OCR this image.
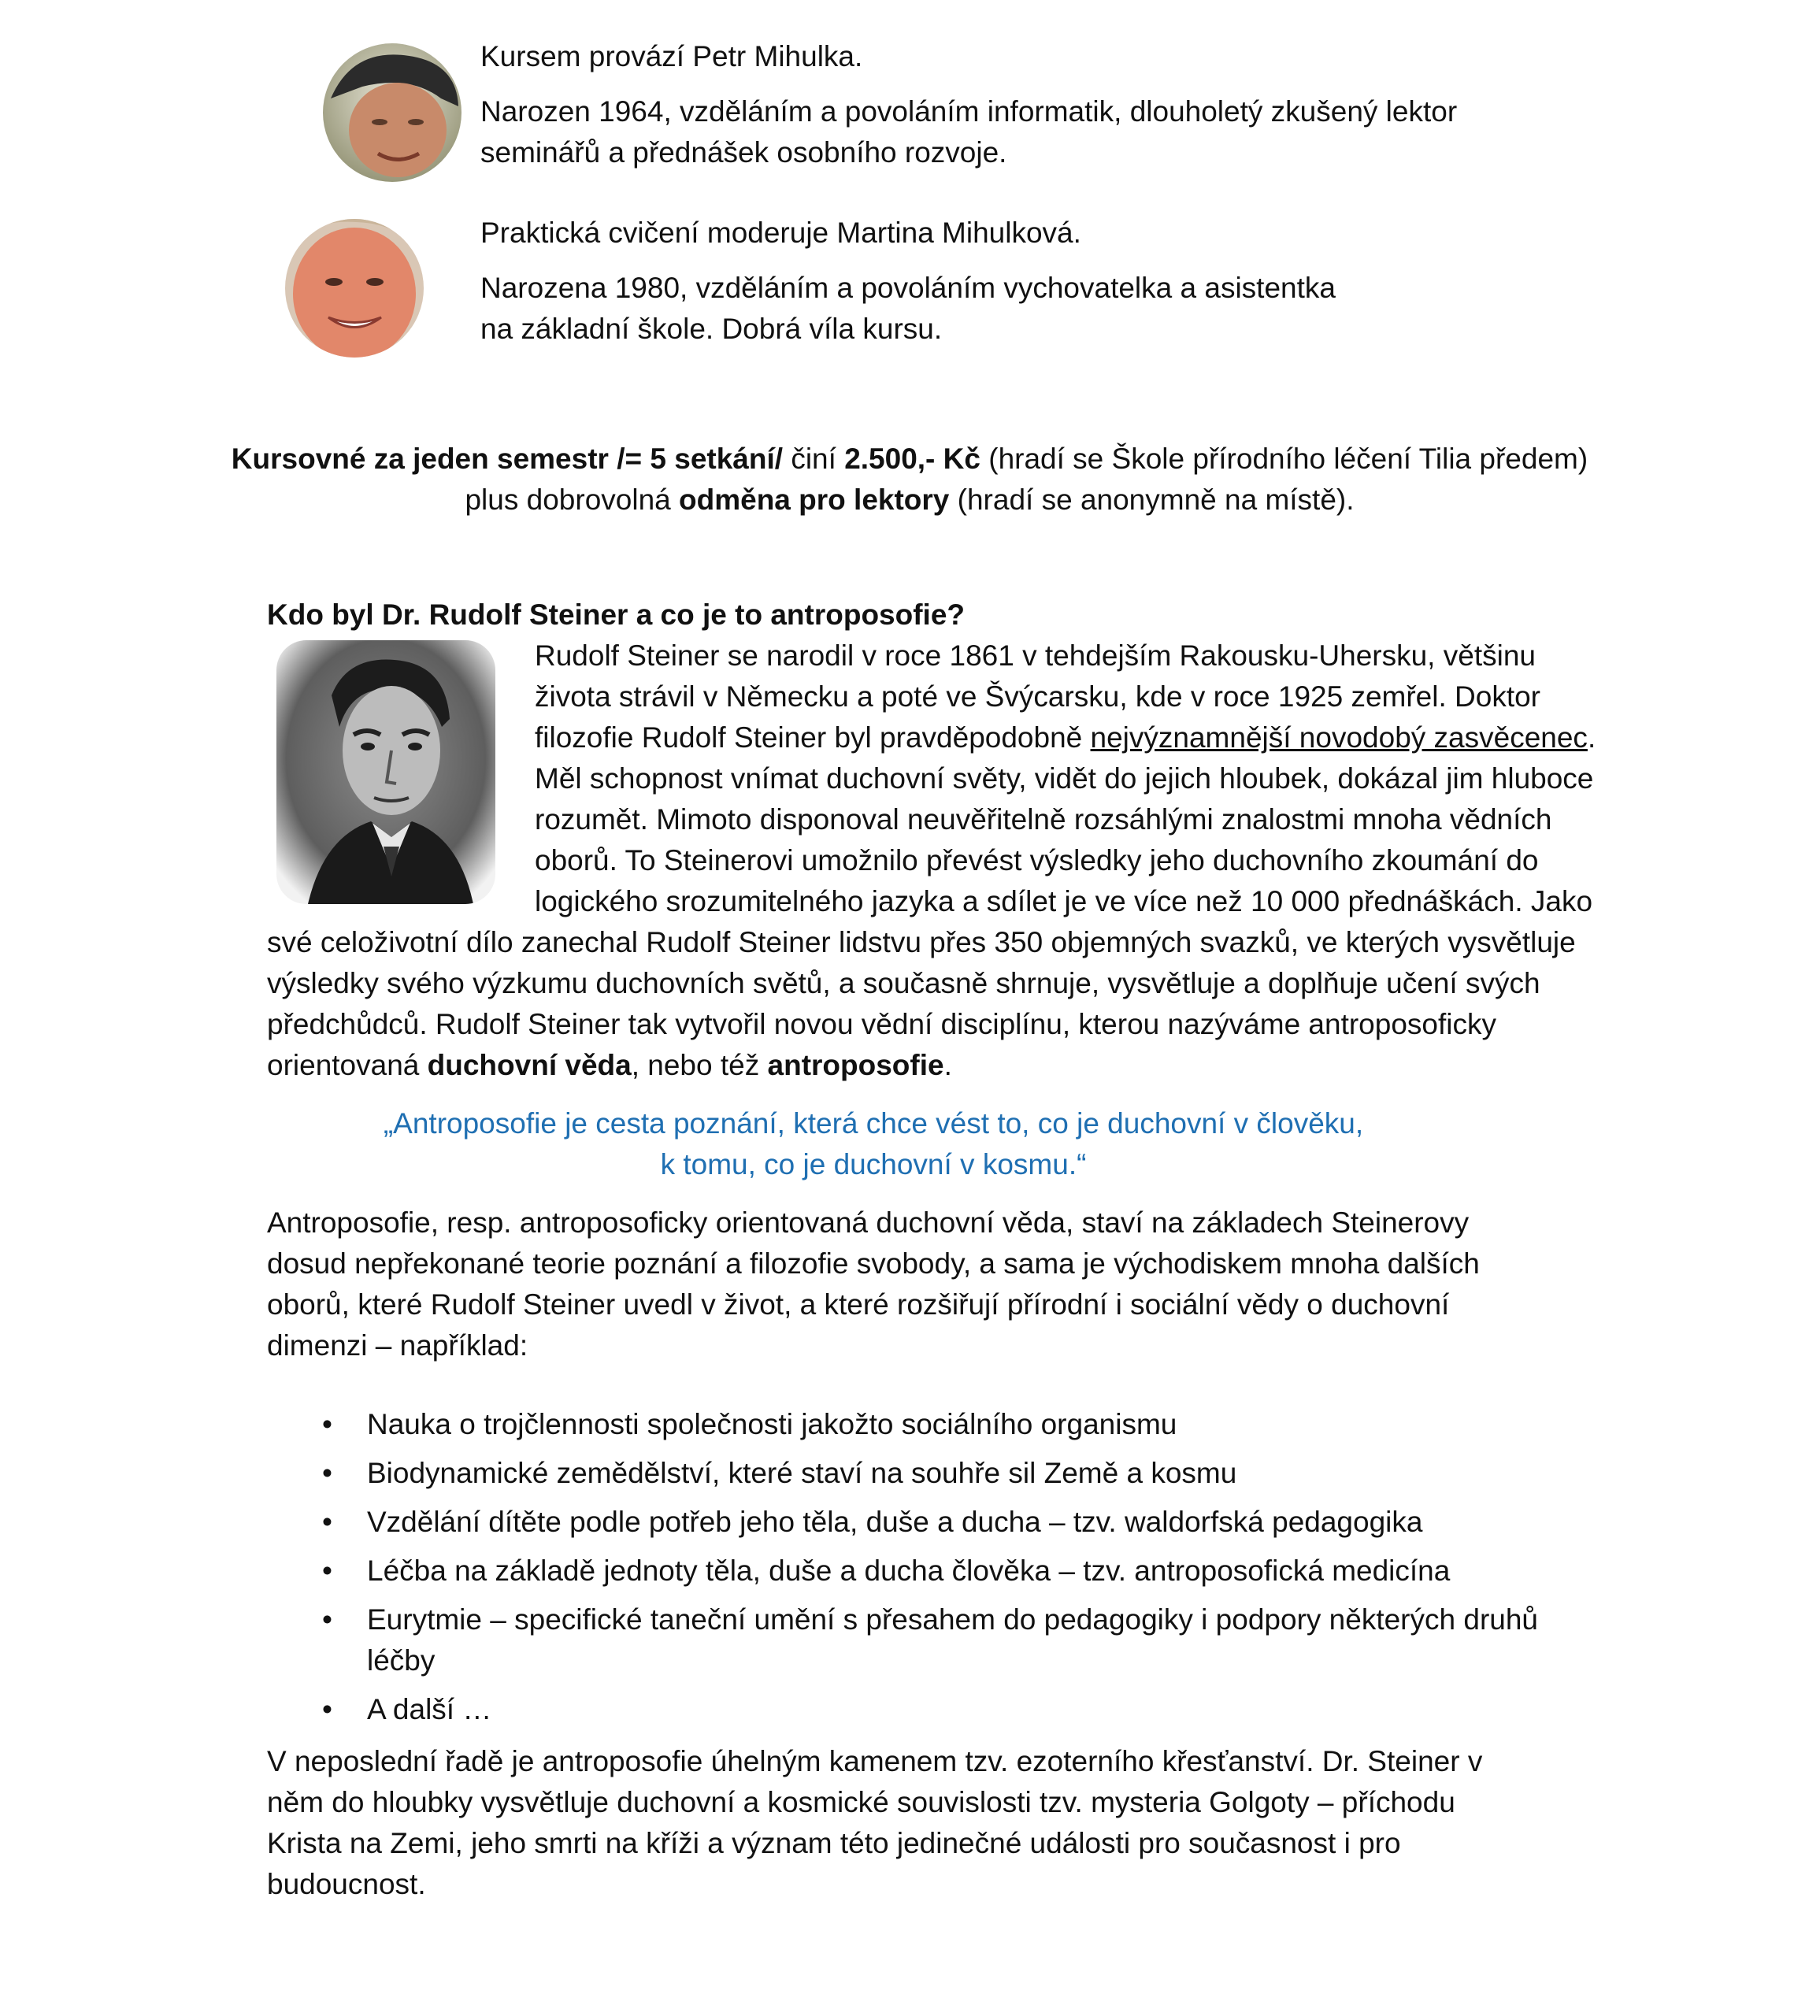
Kursem provází Petr Mihulka.

Narozen 1964, vzděláním a povoláním informatik, dlouholetý zkušený lektor seminářů a přednášek osobního rozvoje.

Praktická cvičení moderuje Martina Mihulková.

Narozena 1980, vzděláním a povoláním vychovatelka a asistentka na základní škole. Dobrá víla kursu.

Kursovné za jeden semestr /= 5 setkání/ činí 2.500,- Kč (hradí se Škole přírodního léčení Tilia předem)

plus dobrovolná odměna pro lektory (hradí se anonymně na místě).

Kdo byl Dr. Rudolf Steiner a co je to antroposofie?

Rudolf Steiner se narodil v roce 1861 v tehdejším Rakousku-Uhersku, většinu života strávil v Německu a poté ve Švýcarsku, kde v roce 1925 zemřel. Doktor filozofie Rudolf Steiner byl pravděpodobně nejvýznamnější novodobý zasvěcenec. Měl schopnost vnímat duchovní světy, vidět do jejich hloubek, dokázal jim hluboce rozumět. Mimoto disponoval neuvěřitelně rozsáhlými znalostmi mnoha vědních oborů. To Steinerovi umožnilo převést výsledky jeho duchovního zkoumání do logického srozumitelného jazyka a sdílet je ve více než 10 000 přednáškách. Jako své celoživotní dílo zanechal Rudolf Steiner lidstvu přes 350 objemných svazků, ve kterých vysvětluje výsledky svého výzkumu duchovních světů, a současně shrnuje, vysvětluje a doplňuje učení svých předchůdců. Rudolf Steiner tak vytvořil novou vědní disciplínu, kterou nazýváme antroposoficky orientovaná duchovní věda, nebo též antroposofie.

„Antroposofie je cesta poznání, která chce vést to, co je duchovní v člověku,
k tomu, co je duchovní v kosmu.“

Antroposofie, resp. antroposoficky orientovaná duchovní věda, staví na základech Steinerovy dosud nepřekonané teorie poznání a filozofie svobody, a sama je východiskem mnoha dalších oborů, které Rudolf Steiner uvedl v život, a které rozšiřují přírodní i sociální vědy o duchovní dimenzi – například:

• Nauka o trojčlennosti společnosti jakožto sociálního organismu
• Biodynamické zemědělství, které staví na souhře sil Země a kosmu
• Vzdělání dítěte podle potřeb jeho těla, duše a ducha – tzv. waldorfská pedagogika
• Léčba na základě jednoty těla, duše a ducha člověka – tzv. antroposofická medicína
• Eurytmie – specifické taneční umění s přesahem do pedagogiky i podpory některých druhů léčby
• A další …

V neposlední řadě je antroposofie úhelným kamenem tzv. ezoterního křesťanství. Dr. Steiner v něm do hloubky vysvětluje duchovní a kosmické souvislosti tzv. mysteria Golgoty – příchodu Krista na Zemi, jeho smrti na kříži a význam této jedinečné události pro současnost i pro budoucnost.
